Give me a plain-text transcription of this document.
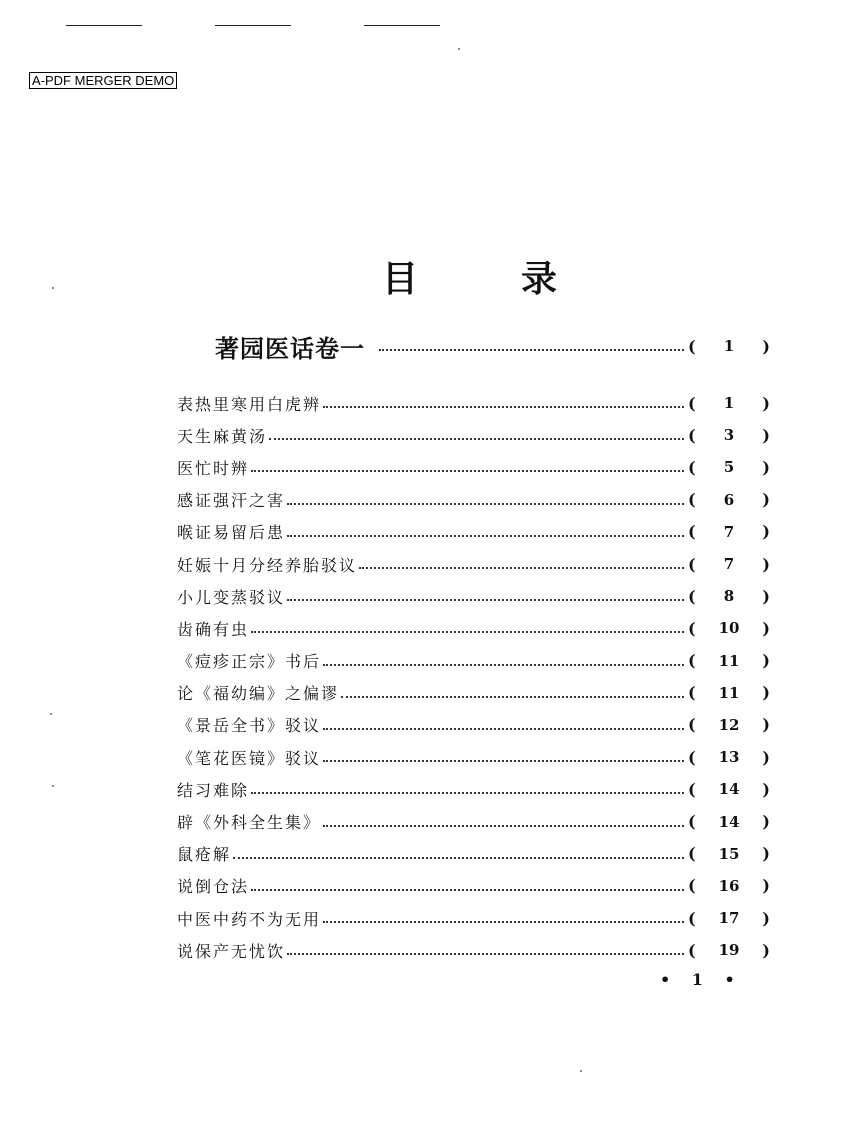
A-PDF MERGER DEMO
目	录
著园医话卷一	(	1	)
表热里寒用白虎辨	(	1	)
天生麻黄汤	(	3	)
医忙时辨	(	5	)
感证强汗之害	(	6	)
喉证易留后患	(	7	)
妊娠十月分经养胎驳议	(	7	)
小儿变蒸驳议	(	8	)
齿确有虫	(	10	)
《痘疹正宗》书后	(	11	)
论《福幼编》之偏谬	(	11	)
《景岳全书》驳议	(	12	)
《笔花医镜》驳议	(	13	)
结习难除	(	14	)
辟《外科全生集》	(	14	)
鼠疮解	(	15	)
说倒仓法	(	16	)
中医中药不为无用	(	17	)
说保产无忧饮	(	19	)
• 1 •
